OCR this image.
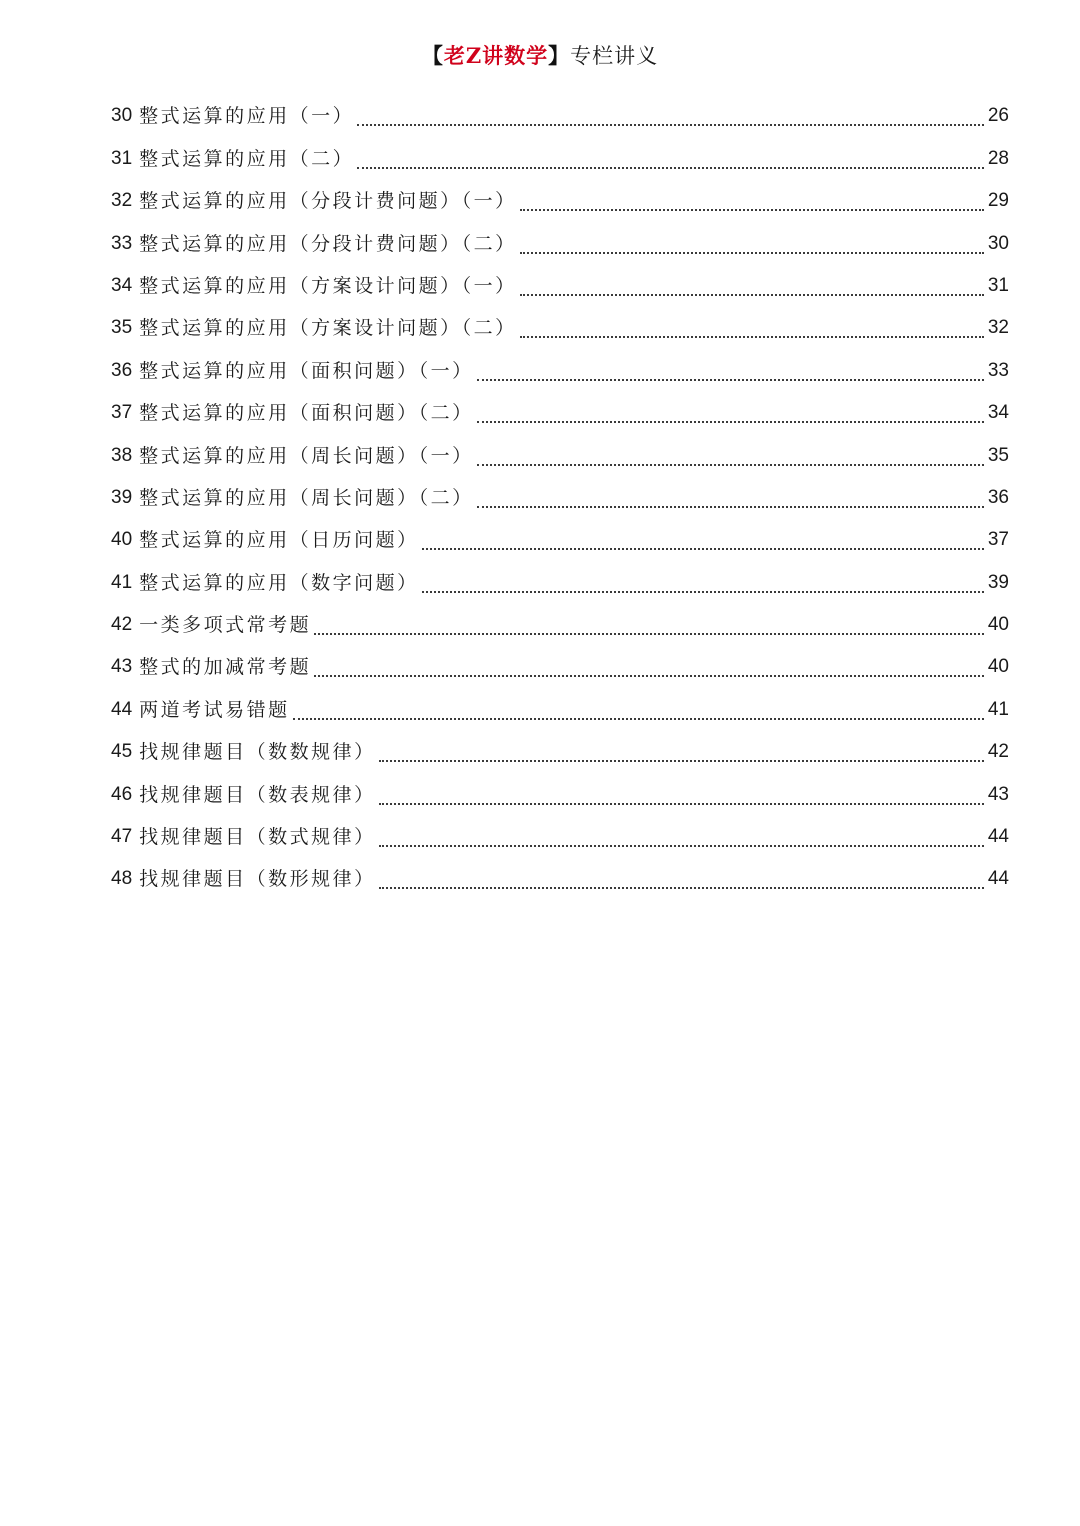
【老Z讲数学】专栏讲义
30 整式运算的应用（一）	26
31 整式运算的应用（二）	28
32 整式运算的应用（分段计费问题）（一）	29
33 整式运算的应用（分段计费问题）（二）	30
34 整式运算的应用（方案设计问题）（一）	31
35 整式运算的应用（方案设计问题）（二）	32
36 整式运算的应用（面积问题）（一）	33
37 整式运算的应用（面积问题）（二）	34
38 整式运算的应用（周长问题）（一）	35
39 整式运算的应用（周长问题）（二）	36
40 整式运算的应用（日历问题）	37
41 整式运算的应用（数字问题）	39
42 一类多项式常考题	40
43 整式的加减常考题	40
44 两道考试易错题	41
45 找规律题目（数数规律）	42
46 找规律题目（数表规律）	43
47 找规律题目（数式规律）	44
48 找规律题目（数形规律）	44
